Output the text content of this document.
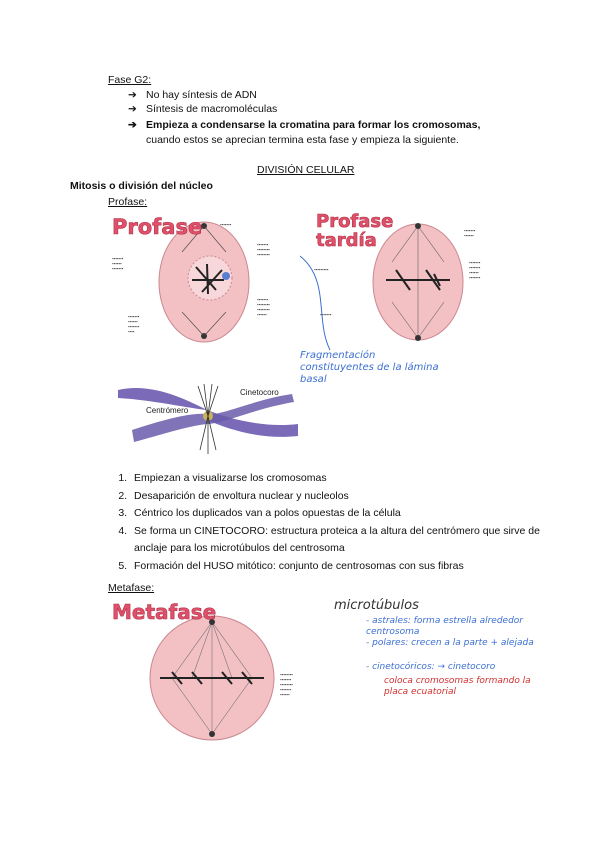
Fase G2:
➔ No hay síntesis de ADN
➔ Síntesis de macromoléculas
➔ Empieza a condensarse la cromatina para formar los cromosomas,
cuando estos se aprecian termina esta fase y empieza la siguiente.
DIVISIÓN CELULAR
Mitosis o división del núcleo
Profase:
▪▪▪▪▪▪▪
▪▪▪▪▪▪▪
▪▪▪▪▪▪▪▪
▪▪▪▪▪▪▪▪
▪▪▪▪▪▪▪
▪▪▪▪▪▪
▪▪▪▪▪▪▪
▪▪▪▪▪▪▪
▪▪▪▪▪▪▪▪
▪▪▪▪▪▪▪▪
▪▪▪▪▪▪
▪▪▪▪▪▪▪
▪▪▪▪▪▪
▪▪▪▪▪▪▪
▪▪▪▪
Profase	▪▪▪▪▪▪▪
▪▪▪▪▪▪
▪▪▪▪▪▪▪▪▪
▪▪▪▪▪▪▪
▪▪▪▪▪▪▪
▪▪▪▪▪▪
▪▪▪▪▪▪▪
▪▪▪▪▪▪▪
Profase tardía
Fragmentación constituyentes de la lámina basal
Centrómero
Cinetocoro
1. Empiezan a visualizarse los cromosomas
2. Desaparición de envoltura nuclear y nucleolos
3. Céntrico los duplicados van a polos opuestas de la célula
4. Se forma un CINETOCORO: estructura proteica a la altura del centrómero que sirve de anclaje para los microtúbulos del centrosoma
5. Formación del HUSO mitótico: conjunto de centrosomas con sus fibras
Metafase:
▪▪▪▪▪▪▪▪
▪▪▪▪▪▪▪
▪▪▪▪▪▪▪▪
▪▪▪▪▪▪▪
▪▪▪▪▪▪
Metafase	microtúbulos
- astrales: forma estrella alrededor centrosoma
- polares: crecen a la parte + alejada
- cinetocóricos: → cinetocoro
coloca cromosomas formando la placa ecuatorial
